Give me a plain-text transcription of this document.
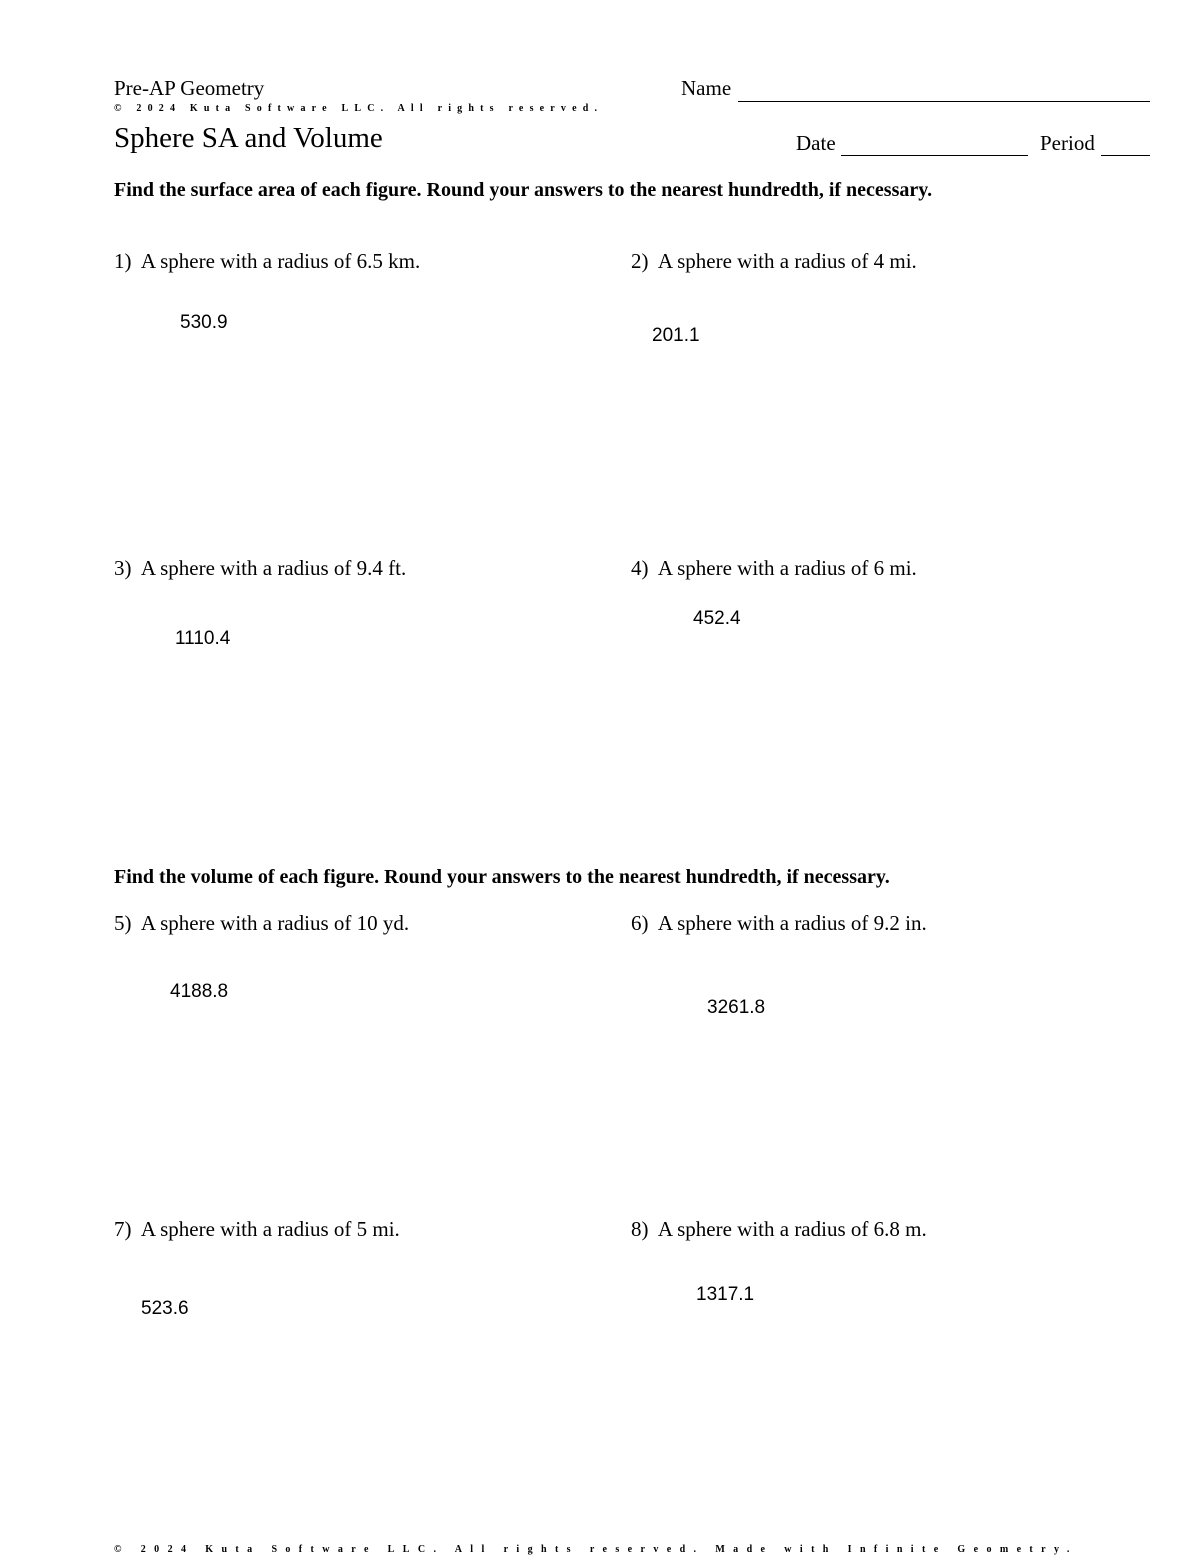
Pre-AP Geometry	Name
© 2024 Kuta Software LLC. All rights reserved.
Sphere SA and Volume	Date	Period
Find the surface area of each figure. Round your answers to the nearest hundredth, if necessary.
1) A sphere with a radius of 6.5 km.
530.9
2) A sphere with a radius of 4 mi.
201.1
3) A sphere with a radius of 9.4 ft.
1110.4
4) A sphere with a radius of 6 mi.
452.4
Find the volume of each figure. Round your answers to the nearest hundredth, if necessary.
5) A sphere with a radius of 10 yd.
4188.8
6) A sphere with a radius of 9.2 in.
3261.8
7) A sphere with a radius of 5 mi.
523.6
8) A sphere with a radius of 6.8 m.
1317.1
© 2024 Kuta Software LLC. All rights reserved. Made with Infinite Geometry.
